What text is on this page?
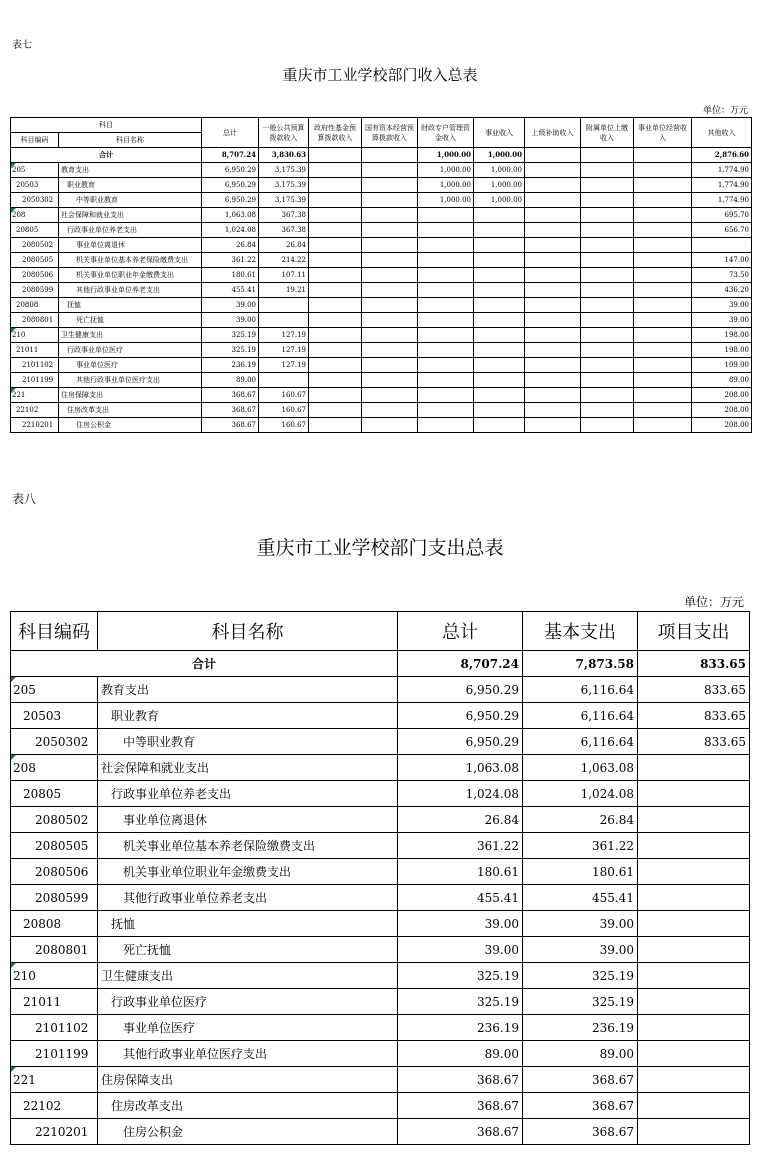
表七
重庆市工业学校部门收入总表
单位：万元
科目		总计	一般公共预算拨款收入	政府性基金预算拨款收入	国有资本经营预算拨款收入	财政专户管理资金收入	事业收入	上级补助收入	附属单位上缴收入	事业单位经营收入	其他收入
科目编码	科目名称										
合计		8,707.24	3,830.63			1,000.00	1,000.00				2,876.60
205	教育支出	6,950.29	3,175.39			1,000.00	1,000.00				1,774.90
20503	职业教育	6,950.29	3,175.39			1,000.00	1,000.00				1,774.90
2050302	中等职业教育	6,950.29	3,175.39			1,000.00	1,000.00				1,774.90
208	社会保障和就业支出	1,063.08	367.38								695.70
20805	行政事业单位养老支出	1,024.08	367.38								656.70
2080502	事业单位离退休	26.84	26.84								
2080505	机关事业单位基本养老保险缴费支出	361.22	214.22								147.00
2080506	机关事业单位职业年金缴费支出	180.61	107.11								73.50
2080599	其他行政事业单位养老支出	455.41	19.21								436.20
20808	抚恤	39.00									39.00
2080801	死亡抚恤	39.00									39.00
210	卫生健康支出	325.19	127.19								198.00
21011	行政事业单位医疗	325.19	127.19								198.00
2101102	事业单位医疗	236.19	127.19								109.00
2101199	其他行政事业单位医疗支出	89.00									89.00
221	住房保障支出	368.67	160.67								208.00
22102	住房改革支出	368.67	160.67								208.00
2210201	住房公积金	368.67	160.67								208.00
表八
重庆市工业学校部门支出总表
单位：万元
科目编码	科目名称	总计	基本支出	项目支出
合计		8,707.24	7,873.58	833.65
205	教育支出	6,950.29	6,116.64	833.65
20503	职业教育	6,950.29	6,116.64	833.65
2050302	中等职业教育	6,950.29	6,116.64	833.65
208	社会保障和就业支出	1,063.08	1,063.08	
20805	行政事业单位养老支出	1,024.08	1,024.08	
2080502	事业单位离退休	26.84	26.84	
2080505	机关事业单位基本养老保险缴费支出	361.22	361.22	
2080506	机关事业单位职业年金缴费支出	180.61	180.61	
2080599	其他行政事业单位养老支出	455.41	455.41	
20808	抚恤	39.00	39.00	
2080801	死亡抚恤	39.00	39.00	
210	卫生健康支出	325.19	325.19	
21011	行政事业单位医疗	325.19	325.19	
2101102	事业单位医疗	236.19	236.19	
2101199	其他行政事业单位医疗支出	89.00	89.00	
221	住房保障支出	368.67	368.67	
22102	住房改革支出	368.67	368.67	
2210201	住房公积金	368.67	368.67	
